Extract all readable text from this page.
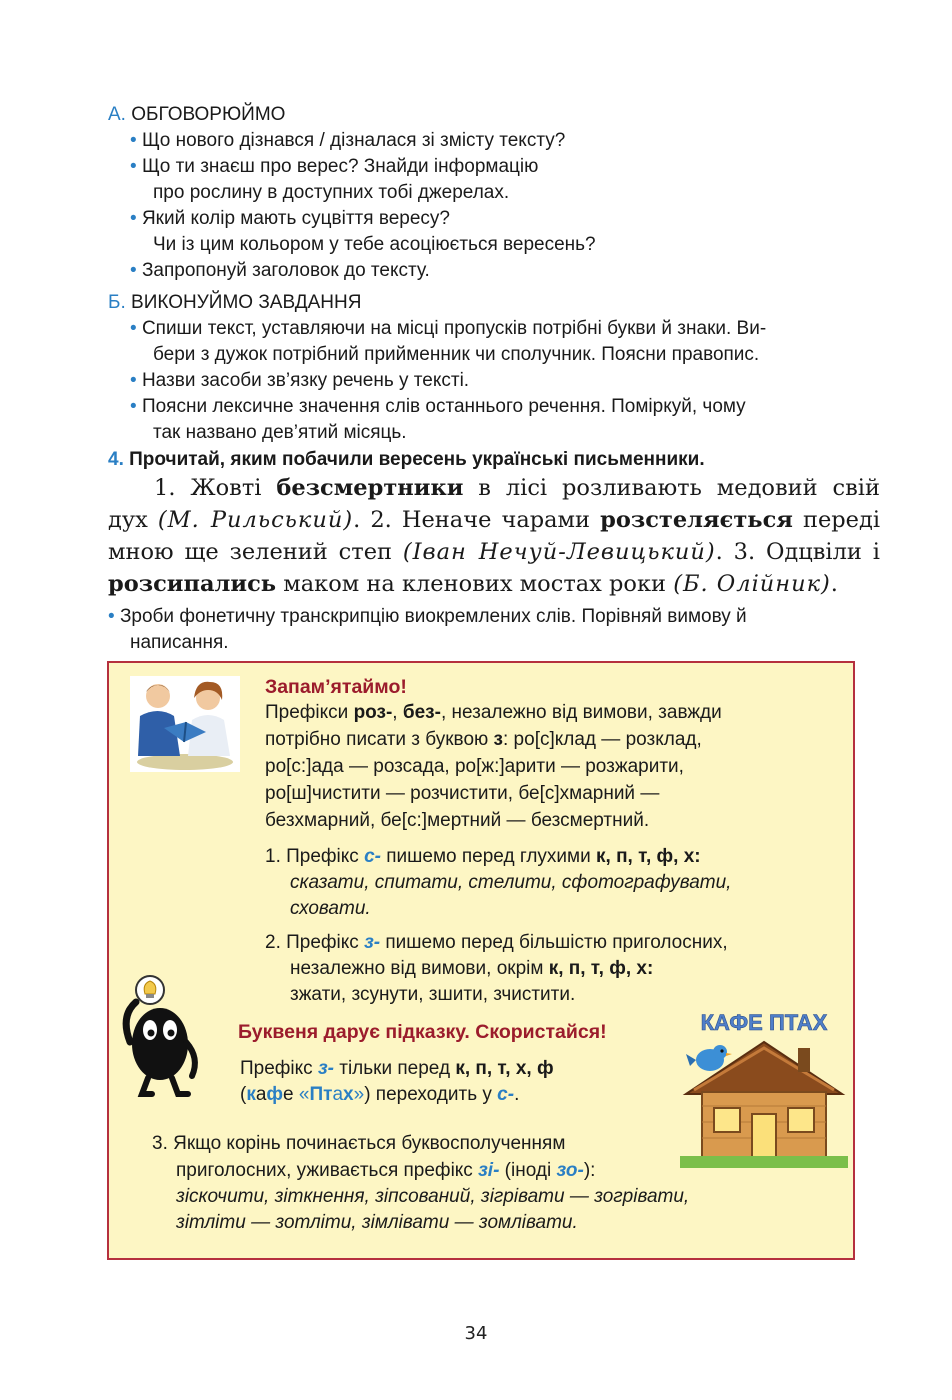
А. ОБГОВОРЮЙМО
• Що нового дізнався / дізналася зі змісту тексту?
• Що ти знаєш про верес? Знайди інформацію
про рослину в доступних тобі джерелах.
• Який колір мають суцвіття вересу?
Чи із цим кольором у тебе асоціюється вересень?
• Запропонуй заголовок до тексту.
Б. ВИКОНУЙМО ЗАВДАННЯ
• Спиши текст, уставляючи на місці пропусків потрібні букви й знаки. Ви-
бери з дужок потрібний прийменник чи сполучник. Поясни правопис.
• Назви засоби зв’язку речень у тексті.
• Поясни лексичне значення слів останнього речення. Поміркуй, чому
так названо дев’ятий місяць.
4. Прочитай, яким побачили вересень українські письменники.
1. Жовті безсмертники в лісі розливають медовий свій
дух (М. Рильський). 2. Неначе чарами розстеляється переді
мною ще зелений степ (Іван Нечуй-Левицький). 3. Одцвіли і
розсипались маком на кленових мостах роки (Б. Олійник).
• Зроби фонетичну транскрипцію виокремлених слів. Порівняй вимову й
написання.
Запам’ятаймо!
Префікси роз-, без-, незалежно від вимови, завжди
потрібно писати з буквою з: ро[с]клад — розклад,
ро[с:]ада — розсада, ро[ж:]арити — розжарити,
ро[ш]чистити — розчистити, бе[с]хмарний —
безхмарний, бе[с:]мертний — безсмертний.
1. Префікс с- пишемо перед глухими к, п, т, ф, х:
сказати, спитати, стелити, сфотографувати,
сховати.
2. Префікс з- пишемо перед більшістю приголосних,
незалежно від вимови, окрім к, п, т, ф, х:
зжати, зсунути, зшити, зчистити.
Буквеня дарує підказку. Скористайся!
Префікс з- тільки перед к, п, т, х, ф
(кафе «Птах») переходить у с-.
КАФЕ ПТАХ
3. Якщо корінь починається буквосполученням
приголосних, уживається префікс зі- (іноді зо-):
зіскочити, зіткнення, зіпсований, зігрівати — зогрівати,
зітліти — зотліти, зімлівати — зомлівати.
34
